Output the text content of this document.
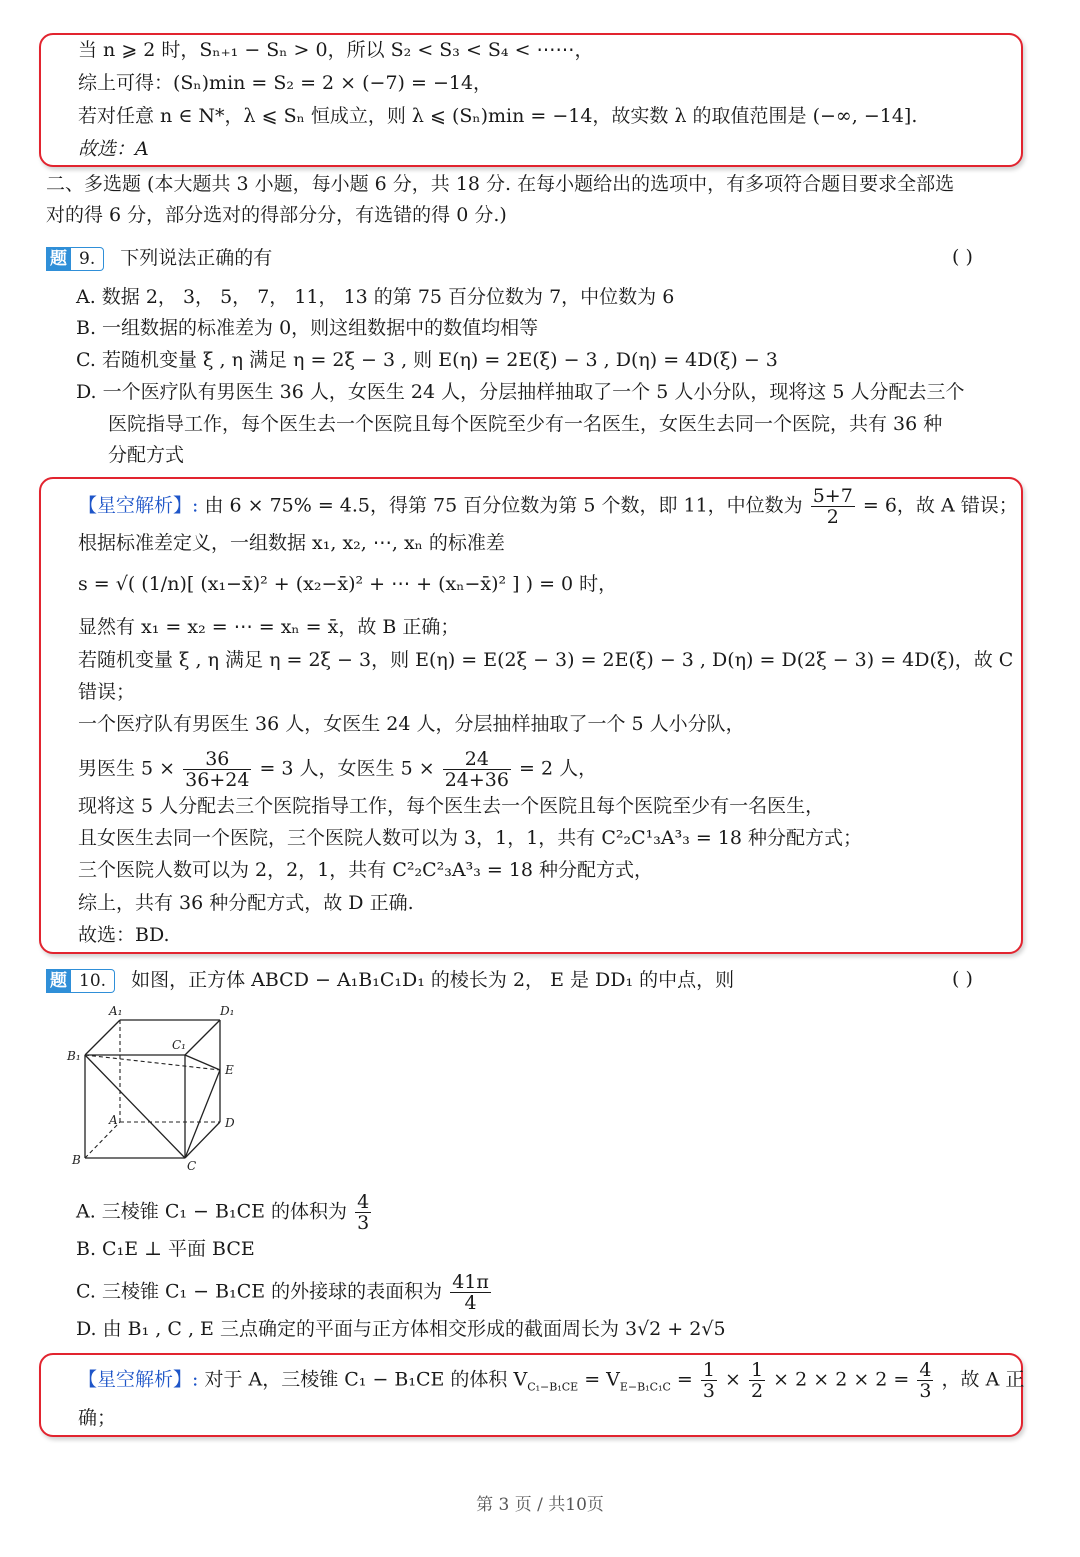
当 n ⩾ 2 时，Sₙ₊₁ − Sₙ > 0，所以 S₂ < S₃ < S₄ < ⋯⋯，
综上可得：(Sₙ)min = S₂ = 2 × (−7) = −14，
若对任意 n ∈ N*，λ ⩽ Sₙ 恒成立，则 λ ⩽ (Sₙ)min = −14，故实数 λ 的取值范围是 (−∞, −14].
故选：A
二、多选题 (本大题共 3 小题，每小题 6 分，共 18 分. 在每小题给出的选项中，有多项符合题目要求全部选
对的得 6 分，部分选对的得部分分，有选错的得 0 分.)
题 9. 下列说法正确的有	( )
A. 数据 2， 3， 5， 7， 11， 13 的第 75 百分位数为 7，中位数为 6
B. 一组数据的标准差为 0，则这组数据中的数值均相等
C. 若随机变量 ξ , η 满足 η = 2ξ − 3 , 则 E(η) = 2E(ξ) − 3 , D(η) = 4D(ξ) − 3
D. 一个医疗队有男医生 36 人，女医生 24 人，分层抽样抽取了一个 5 人小分队，现将这 5 人分配去三个
医院指导工作，每个医生去一个医院且每个医院至少有一名医生，女医生去同一个医院，共有 36 种
分配方式
【星空解析】: 由 6 × 75% = 4.5，得第 75 百分位数为第 5 个数，即 11，中位数为 $\frac{5+7}{2} = 6$，故 A 错误；
根据标准差定义，一组数据 x₁, x₂, ⋯, xₙ 的标准差
s = √( (1/n)[ (x₁−x̄)² + (x₂−x̄)² + ⋯ + (xₙ−x̄)² ] ) = 0 时，
显然有 x₁ = x₂ = ⋯ = xₙ = x̄，故 B 正确；
若随机变量 ξ , η 满足 η = 2ξ − 3，则 E(η) = E(2ξ − 3) = 2E(ξ) − 3 , D(η) = D(2ξ − 3) = 4D(ξ)，故 C
错误；
一个医疗队有男医生 36 人，女医生 24 人，分层抽样抽取了一个 5 人小分队，
男医生 $5 \times \frac{36}{36+24} = 3$ 人，女医生 $5 \times \frac{24}{24+36} = 2$ 人，
现将这 5 人分配去三个医院指导工作，每个医生去一个医院且每个医院至少有一名医生，
且女医生去同一个医院，三个医院人数可以为 3，1，1，共有 C²₂C¹₃A³₃ = 18 种分配方式；
三个医院人数可以为 2，2，1，共有 C²₂C²₃A³₃ = 18 种分配方式，
综上，共有 36 种分配方式，故 D 正确.
故选：BD.
题 10. 如图，正方体 ABCD − A₁B₁C₁D₁ 的棱长为 2， E 是 DD₁ 的中点，则	( )
A₁	D₁
C₁
B₁
E
A	D
B	C
A. 三棱锥 C₁ − B₁CE 的体积为 $\frac{4}{3}$
B. C₁E ⊥ 平面 BCE
C. 三棱锥 C₁ − B₁CE 的外接球的表面积为 $\frac{41\pi}{4}$
D. 由 B₁ , C , E 三点确定的平面与正方体相交形成的截面周长为 3√2 + 2√5
【星空解析】: 对于 A，三棱锥 C₁ − B₁CE 的体积 $V_{C_1-B_1CE} = V_{E-B_1C_1C} = \frac{1}{3} \times \frac{1}{2} \times 2 \times 2 \times 2 = \frac{4}{3}$ ，故 A 正
确；
第 3 页 / 共10页
